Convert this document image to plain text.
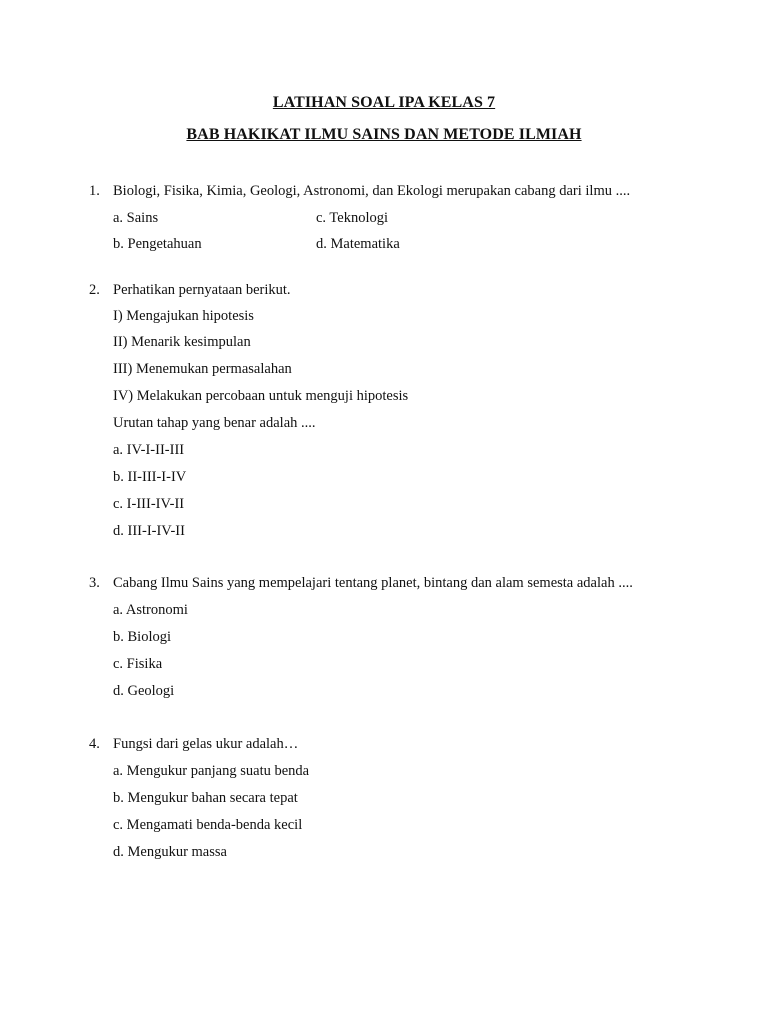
LATIHAN SOAL IPA KELAS 7
BAB HAKIKAT ILMU SAINS DAN METODE ILMIAH
1. Biologi, Fisika, Kimia, Geologi, Astronomi, dan Ekologi merupakan cabang dari ilmu ....
a. Sains	c. Teknologi
b. Pengetahuan	d. Matematika
2. Perhatikan pernyataan berikut.
I) Mengajukan hipotesis
II) Menarik kesimpulan
III) Menemukan permasalahan
IV) Melakukan percobaan untuk menguji hipotesis
Urutan tahap yang benar adalah ....
a. IV-I-II-III
b. II-III-I-IV
c. I-III-IV-II
d. III-I-IV-II
3. Cabang Ilmu Sains yang mempelajari tentang planet, bintang dan alam semesta adalah ....
a. Astronomi
b. Biologi
c. Fisika
d. Geologi
4. Fungsi dari gelas ukur adalah…
a. Mengukur panjang suatu benda
b. Mengukur bahan secara tepat
c. Mengamati benda-benda kecil
d. Mengukur massa
